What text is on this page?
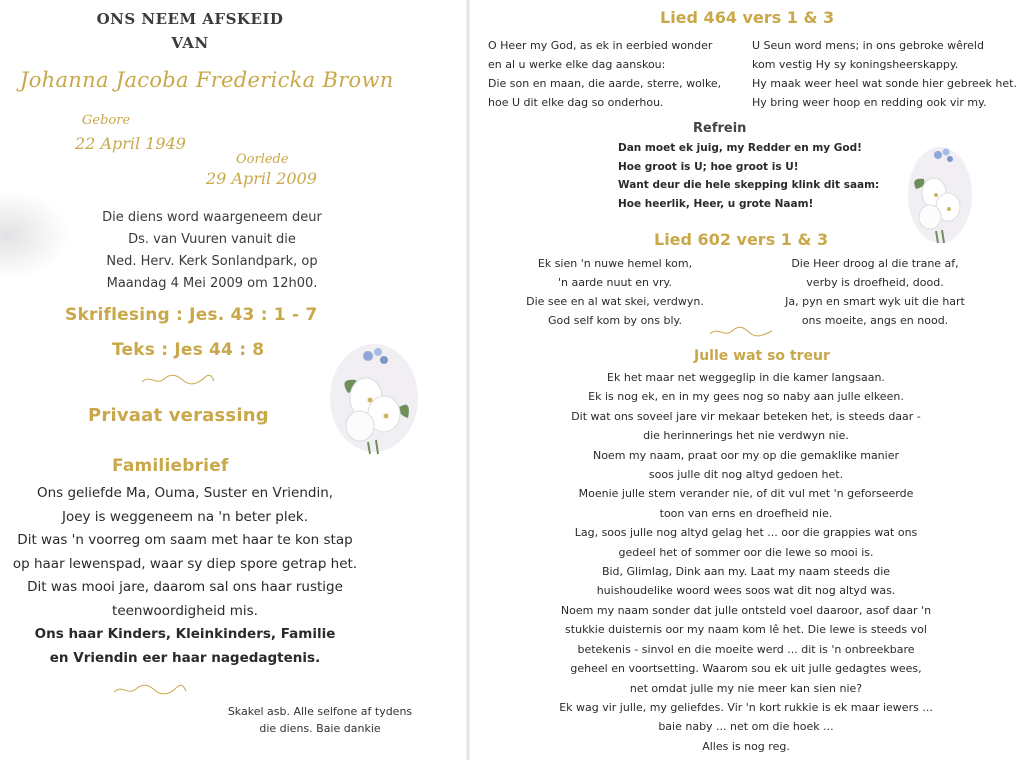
ONS NEEM AFSKEID
VAN
Johanna Jacoba Fredericka Brown
Gebore
22 April 1949
Oorlede
29 April 2009
Die diens word waargeneem deur
Ds. van Vuuren vanuit die
Ned. Herv. Kerk Sonlandpark, op
Maandag 4 Mei 2009 om 12h00.
Skriflesing : Jes. 43 : 1 - 7
Teks : Jes 44 : 8
Privaat verassing
Familiebrief
Ons geliefde Ma, Ouma, Suster en Vriendin,
Joey is weggeneem na 'n beter plek.
Dit was 'n voorreg om saam met haar te kon stap
op haar lewenspad, waar sy diep spore getrap het.
Dit was mooi jare, daarom sal ons haar rustige
teenwoordigheid mis.
Ons haar Kinders, Kleinkinders, Familie
en Vriendin eer haar nagedagtenis.
Skakel asb. Alle selfone af tydens
die diens. Baie dankie
Lied 464 vers 1 & 3
O Heer my God, as ek in eerbied wonder
en al u werke elke dag aanskou:
Die son en maan, die aarde, sterre, wolke,
hoe U dit elke dag so onderhou.
U Seun word mens; in ons gebroke wêreld
kom vestig Hy sy koningsheerskappy.
Hy maak weer heel wat sonde hier gebreek het.
Hy bring weer hoop en redding ook vir my.
Refrein
Dan moet ek juig, my Redder en my God!
Hoe groot is U; hoe groot is U!
Want deur die hele skepping klink dit saam:
Hoe heerlik, Heer, u grote Naam!
Lied 602 vers 1 & 3
Ek sien 'n nuwe hemel kom,
'n aarde nuut en vry.
Die see en al wat skei, verdwyn.
God self kom by ons bly.
Die Heer droog al die trane af,
verby is droefheid, dood.
Ja, pyn en smart wyk uit die hart
ons moeite, angs en nood.
Julle wat so treur
Ek het maar net weggeglip in die kamer langsaan.
Ek is nog ek, en in my gees nog so naby aan julle elkeen.
Dit wat ons soveel jare vir mekaar beteken het, is steeds daar -
die herinnerings het nie verdwyn nie.
Noem my naam, praat oor my op die gemaklike manier
soos julle dit nog altyd gedoen het.
Moenie julle stem verander nie, of dit vul met 'n geforseerde
toon van erns en droefheid nie.
Lag, soos julle nog altyd gelag het ... oor die grappies wat ons
gedeel het of sommer oor die lewe so mooi is.
Bid, Glimlag, Dink aan my. Laat my naam steeds die
huishoudelike woord wees soos wat dit nog altyd was.
Noem my naam sonder dat julle ontsteld voel daaroor, asof daar 'n
stukkie duisternis oor my naam kom lê het. Die lewe is steeds vol
betekenis - sinvol en die moeite werd ... dit is 'n onbreekbare
geheel en voortsetting. Waarom sou ek uit julle gedagtes wees,
net omdat julle my nie meer kan sien nie?
Ek wag vir julle, my geliefdes. Vir 'n kort rukkie is ek maar iewers ...
baie naby ... net om die hoek ...
Alles is nog reg.
